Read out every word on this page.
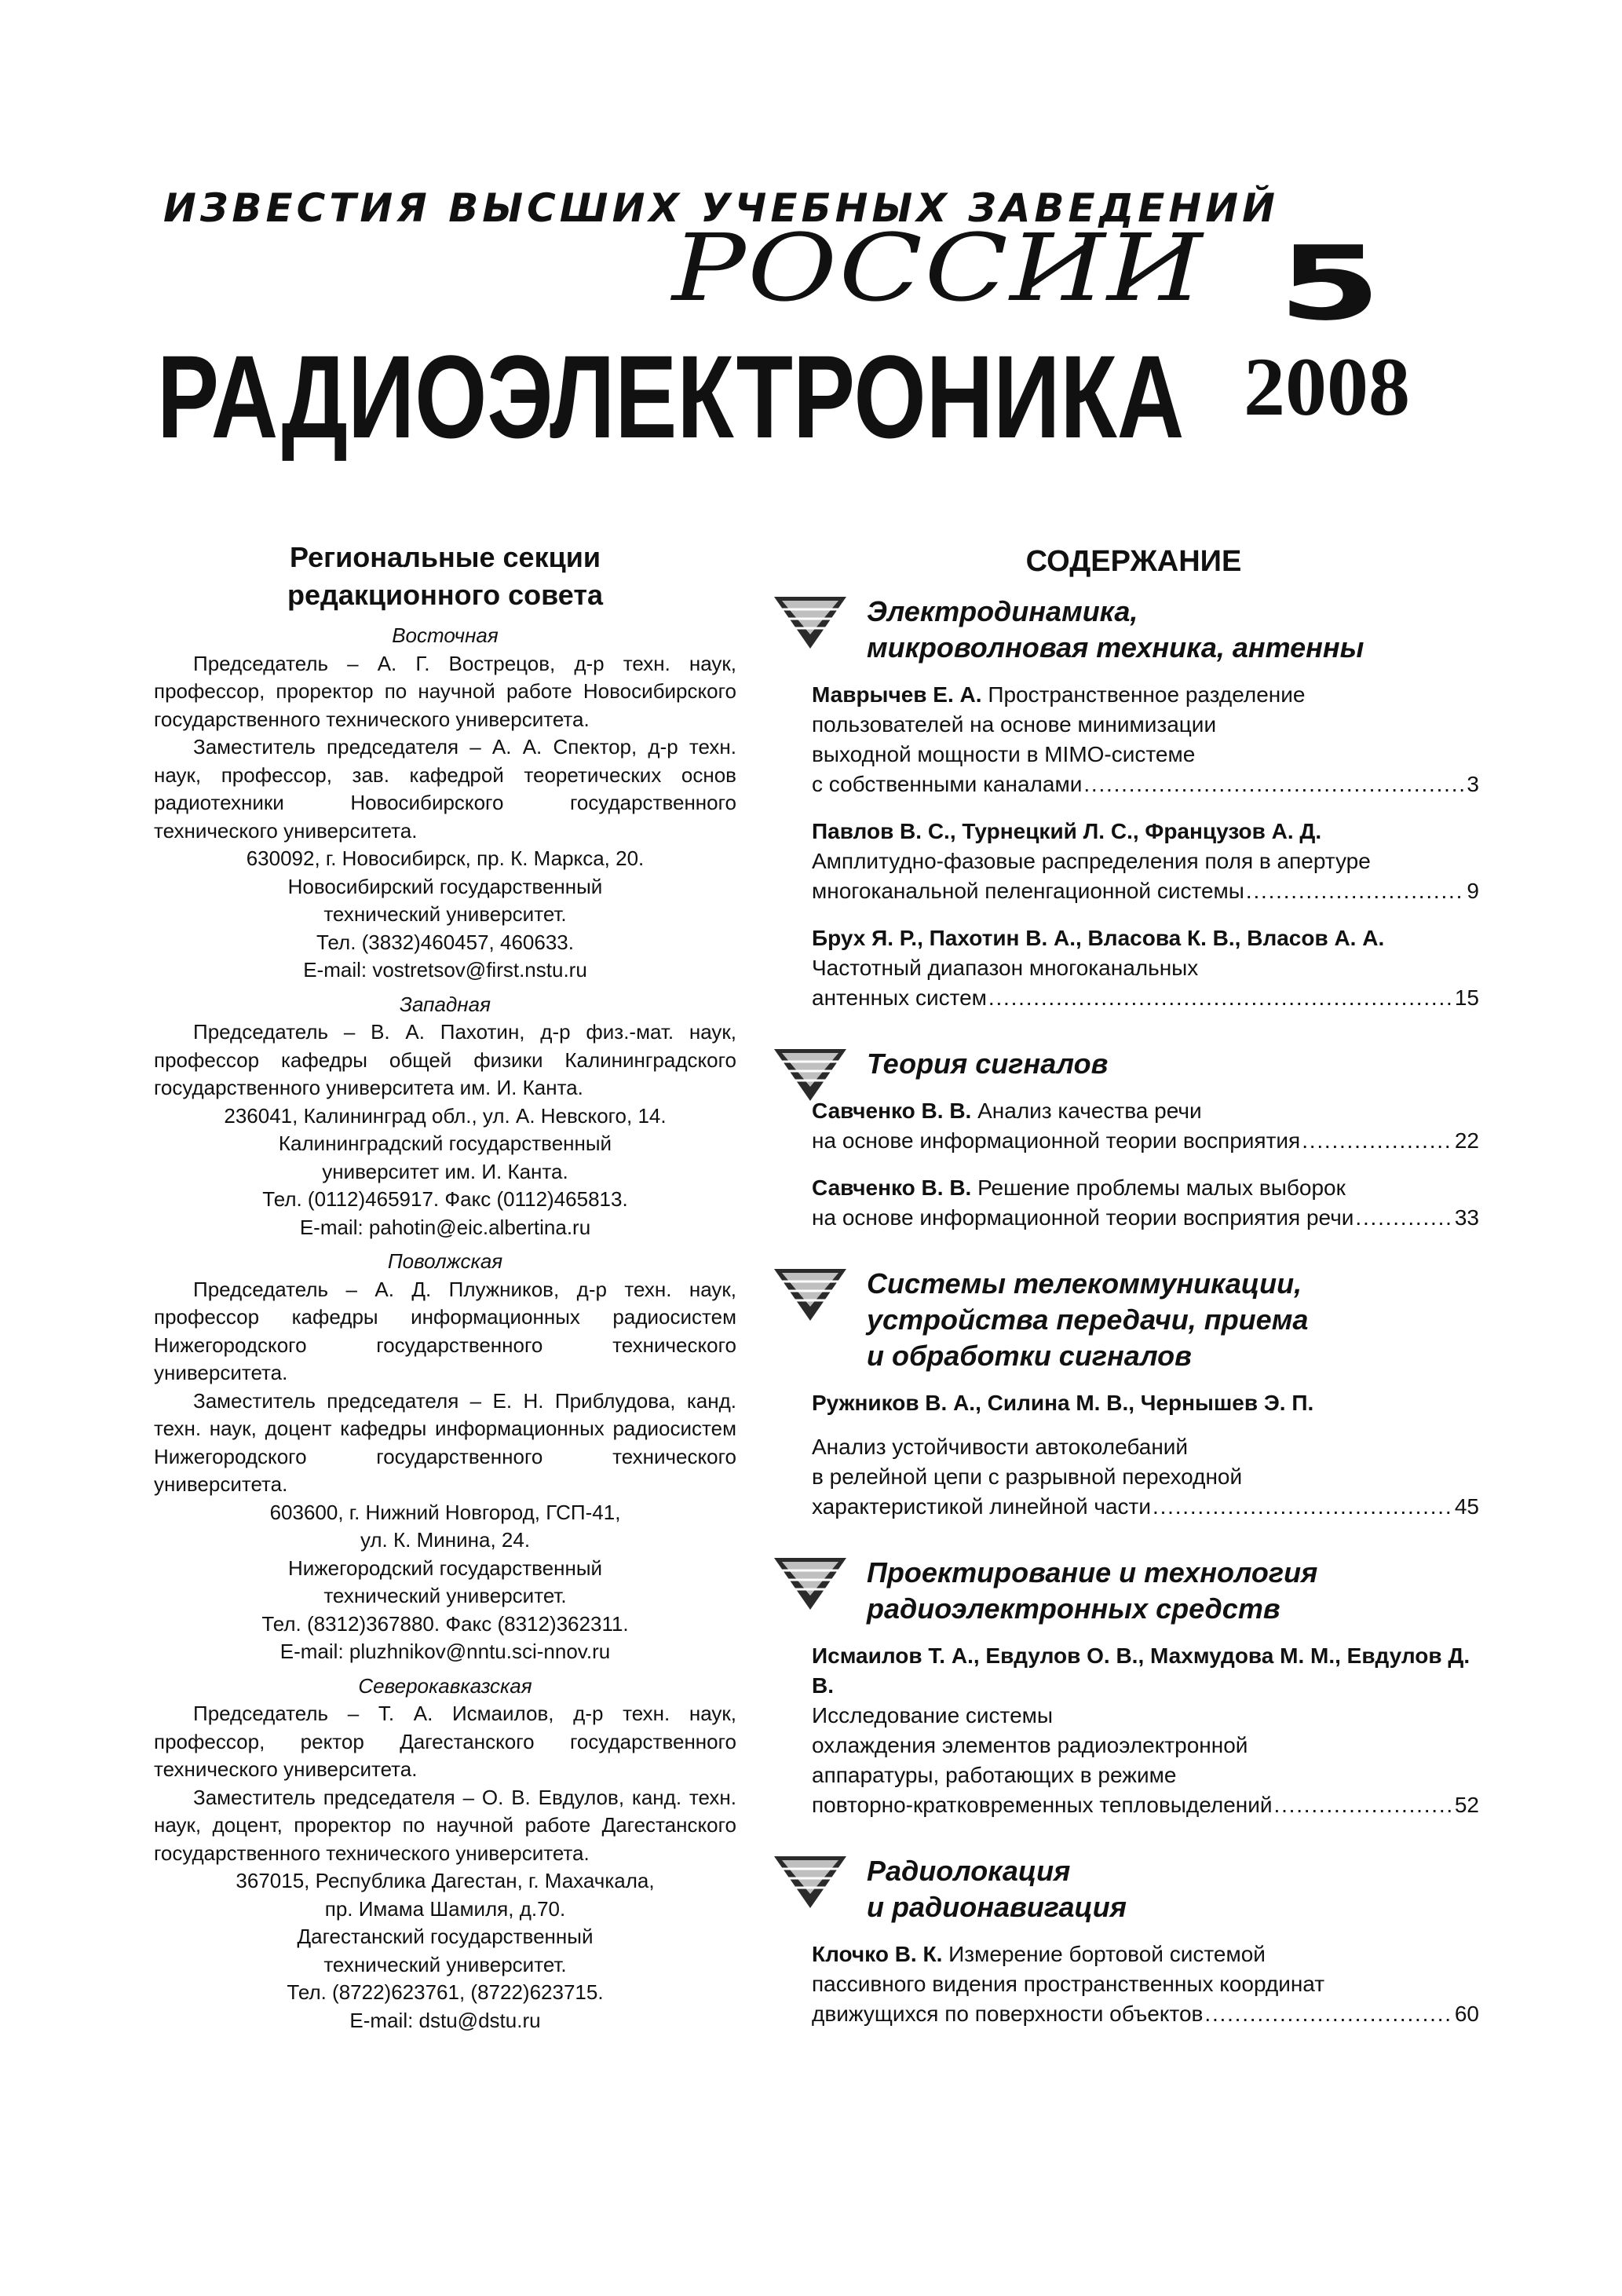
ИЗВЕСТИЯ ВЫСШИХ УЧЕБНЫХ ЗАВЕДЕНИЙ
РОССИИ 5
РАДИОЭЛЕКТРОНИКА 2008
Региональные секции
редакционного совета
Восточная
Председатель – А. Г. Вострецов, д-р техн. наук, профессор, проректор по научной работе Новосибирского государственного технического университета.
Заместитель председателя – А. А. Спектор, д-р техн. наук, профессор, зав. кафедрой теоретических основ радиотехники Новосибирского государственного технического университета.
630092, г. Новосибирск, пр. К. Маркса, 20.
Новосибирский государственный
технический университет.
Тел. (3832)460457, 460633.
E-mail: vostretsov@first.nstu.ru
Западная
Председатель – В. А. Пахотин, д-р физ.-мат. наук, профессор кафедры общей физики Калининградского государственного университета им. И. Канта.
236041, Калининград обл., ул. А. Невского, 14.
Калининградский государственный
университет им. И. Канта.
Тел. (0112)465917. Факс (0112)465813.
E-mail: pahotin@eic.albertina.ru
Поволжская
Председатель – А. Д. Плужников, д-р техн. наук, профессор кафедры информационных радиосистем Нижегородского государственного технического университета.
Заместитель председателя – Е. Н. Приблудова, канд. техн. наук, доцент кафедры информационных радиосистем Нижегородского государственного технического университета.
603600, г. Нижний Новгород, ГСП-41,
ул. К. Минина, 24.
Нижегородский государственный
технический университет.
Тел. (8312)367880. Факс (8312)362311.
E-mail: pluzhnikov@nntu.sci-nnov.ru
Северокавказская
Председатель – Т. А. Исмаилов, д-р техн. наук, профессор, ректор Дагестанского государственного технического университета.
Заместитель председателя – О. В. Евдулов, канд. техн. наук, доцент, проректор по научной работе Дагестанского государственного технического университета.
367015, Республика Дагестан, г. Махачкала,
пр. Имама Шамиля, д.70.
Дагестанский государственный
технический университет.
Тел. (8722)623761, (8722)623715.
E-mail: dstu@dstu.ru
СОДЕРЖАНИЕ
Электродинамика,
микроволновая техника, антенны
Маврычев Е. А. Пространственное разделение
пользователей на основе минимизации
выходной мощности в MIMO-системе
с собственными каналами . . .	3
Павлов В. С., Турнецкий Л. С., Французов А. Д.
Амплитудно-фазовые распределения поля в апертуре
многоканальной пеленгационной системы . . .	9
Брух Я. Р., Пахотин В. А., Власова К. В., Власов А. А.
Частотный диапазон многоканальных
антенных систем . . .	15
Теория сигналов
Савченко В. В. Анализ качества речи
на основе информационной теории восприятия . . .	22
Савченко В. В. Решение проблемы малых выборок
на основе информационной теории восприятия речи . . .	33
Системы телекоммуникации,
устройства передачи, приема
и обработки сигналов
Ружников В. А., Силина М. В., Чернышев Э. П.
Анализ устойчивости автоколебаний
в релейной цепи с разрывной переходной
характеристикой линейной части . . .	45
Проектирование и технология
радиоэлектронных средств
Исмаилов Т. А., Евдулов О. В., Махмудова М. М., Евдулов Д. В.
Исследование системы
охлаждения элементов радиоэлектронной
аппаратуры, работающих в режиме
повторно-кратковременных тепловыделений . . .	52
Радиолокация
и радионавигация
Клочко В. К. Измерение бортовой системой
пассивного видения пространственных координат
движущихся по поверхности объектов . . .	60
